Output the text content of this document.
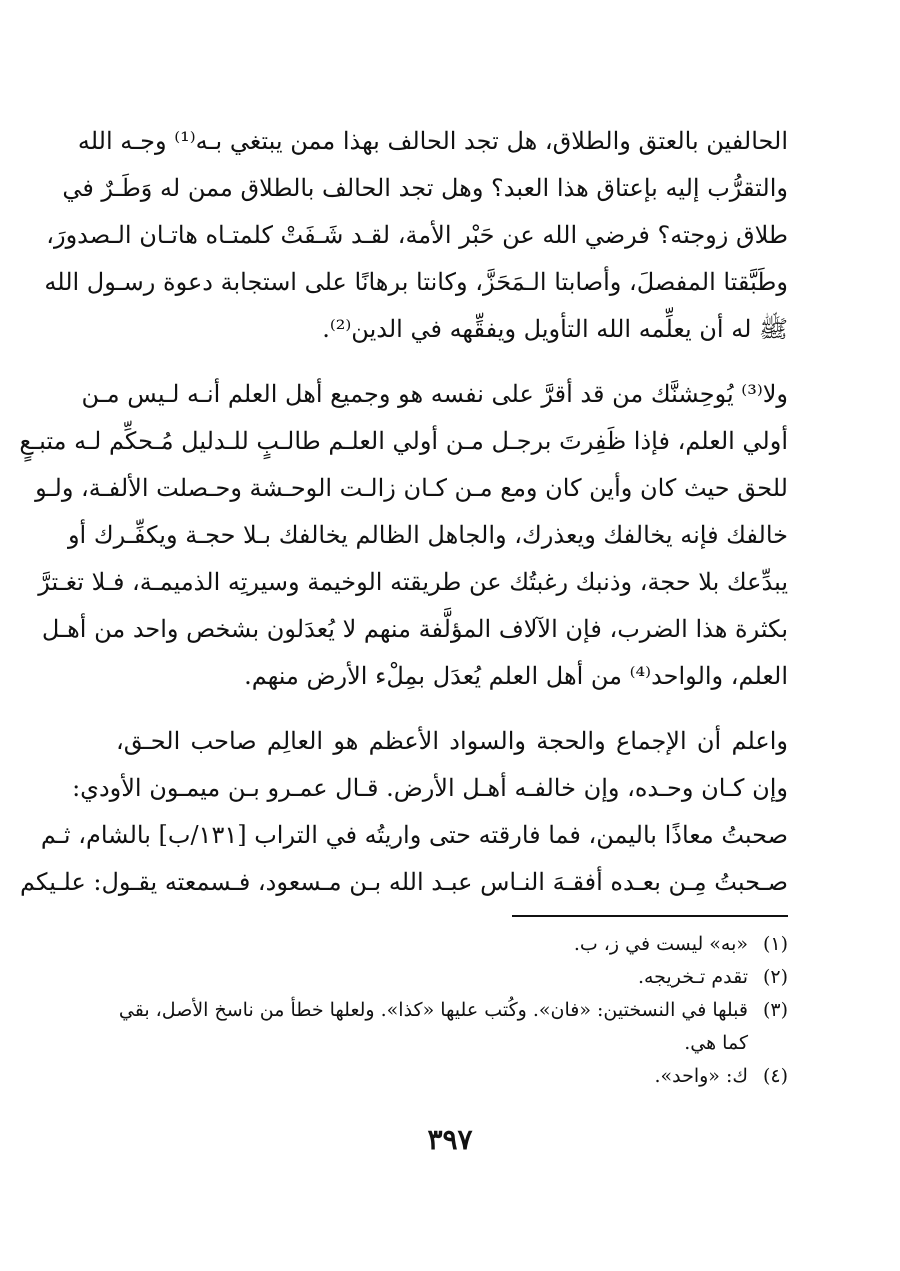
الحالفين بالعتق والطلاق، هل تجد الحالف بهذا ممن يبتغي بـه⁽¹⁾ وجـه الله
والتقرُّب إليه بإعتاق هذا العبد؟ وهل تجد الحالف بالطلاق ممن له وَطَـرٌ في
طلاق زوجته؟ فرضي الله عن حَبْر الأمة، لقـد شَـفَتْ كلمتـاه هاتـان الـصدورَ،
وطَبَّقتا المفصلَ، وأصابتا الـمَحَزَّ، وكانتا برهانًا على استجابة دعوة رسـول الله
ﷺ له أن يعلِّمه الله التأويل ويفقِّهه في الدين⁽²⁾.

ولا⁽³⁾ يُوحِشنَّك من قد أقرَّ على نفسه هو وجميع أهل العلم أنـه لـيس مـن
أولي العلم، فإذا ظَفِرتَ برجـل مـن أولي العلـم طالـبٍ للـدليل مُـحكِّم لـه متبـعٍ
للحق حيث كان وأين كان ومع مـن كـان زالـت الوحـشة وحـصلت الألفـة، ولـو
خالفك فإنه يخالفك ويعذرك، والجاهل الظالم يخالفك بـلا حجـة ويكفِّـرك أو
يبدِّعك بلا حجة، وذنبك رغبتُك عن طريقته الوخيمة وسيرتِه الذميمـة، فـلا تغـترَّ
بكثرة هذا الضرب، فإن الآلاف المؤلَّفة منهم لا يُعدَلون بشخص واحد من أهـل
العلم، والواحد⁽⁴⁾ من أهل العلم يُعدَل بمِلْء الأرض منهم.

واعلم أن الإجماع والحجة والسواد الأعظم هو العالِم صاحب الحـق،
وإن كـان وحـده، وإن خالفـه أهـل الأرض. قـال عمـرو بـن ميمـون الأودي:
صحبتُ معاذًا باليمن، فما فارقته حتى واريتُه في التراب [١٣١/ب] بالشام، ثـم
صـحبتُ مِـن بعـده أفقـهَ النـاس عبـد الله بـن مـسعود، فـسمعته يقـول: علـيكم

(١)
«به» ليست في ز، ب.
(٢)
تقدم تـخريجه.
(٣)
قبلها في النسختين: «فان». وكُتب عليها «كذا». ولعلها خطأ من ناسخ الأصل، بقي كما هي.
(٤)
ك: «واحد».
٣٩٧
